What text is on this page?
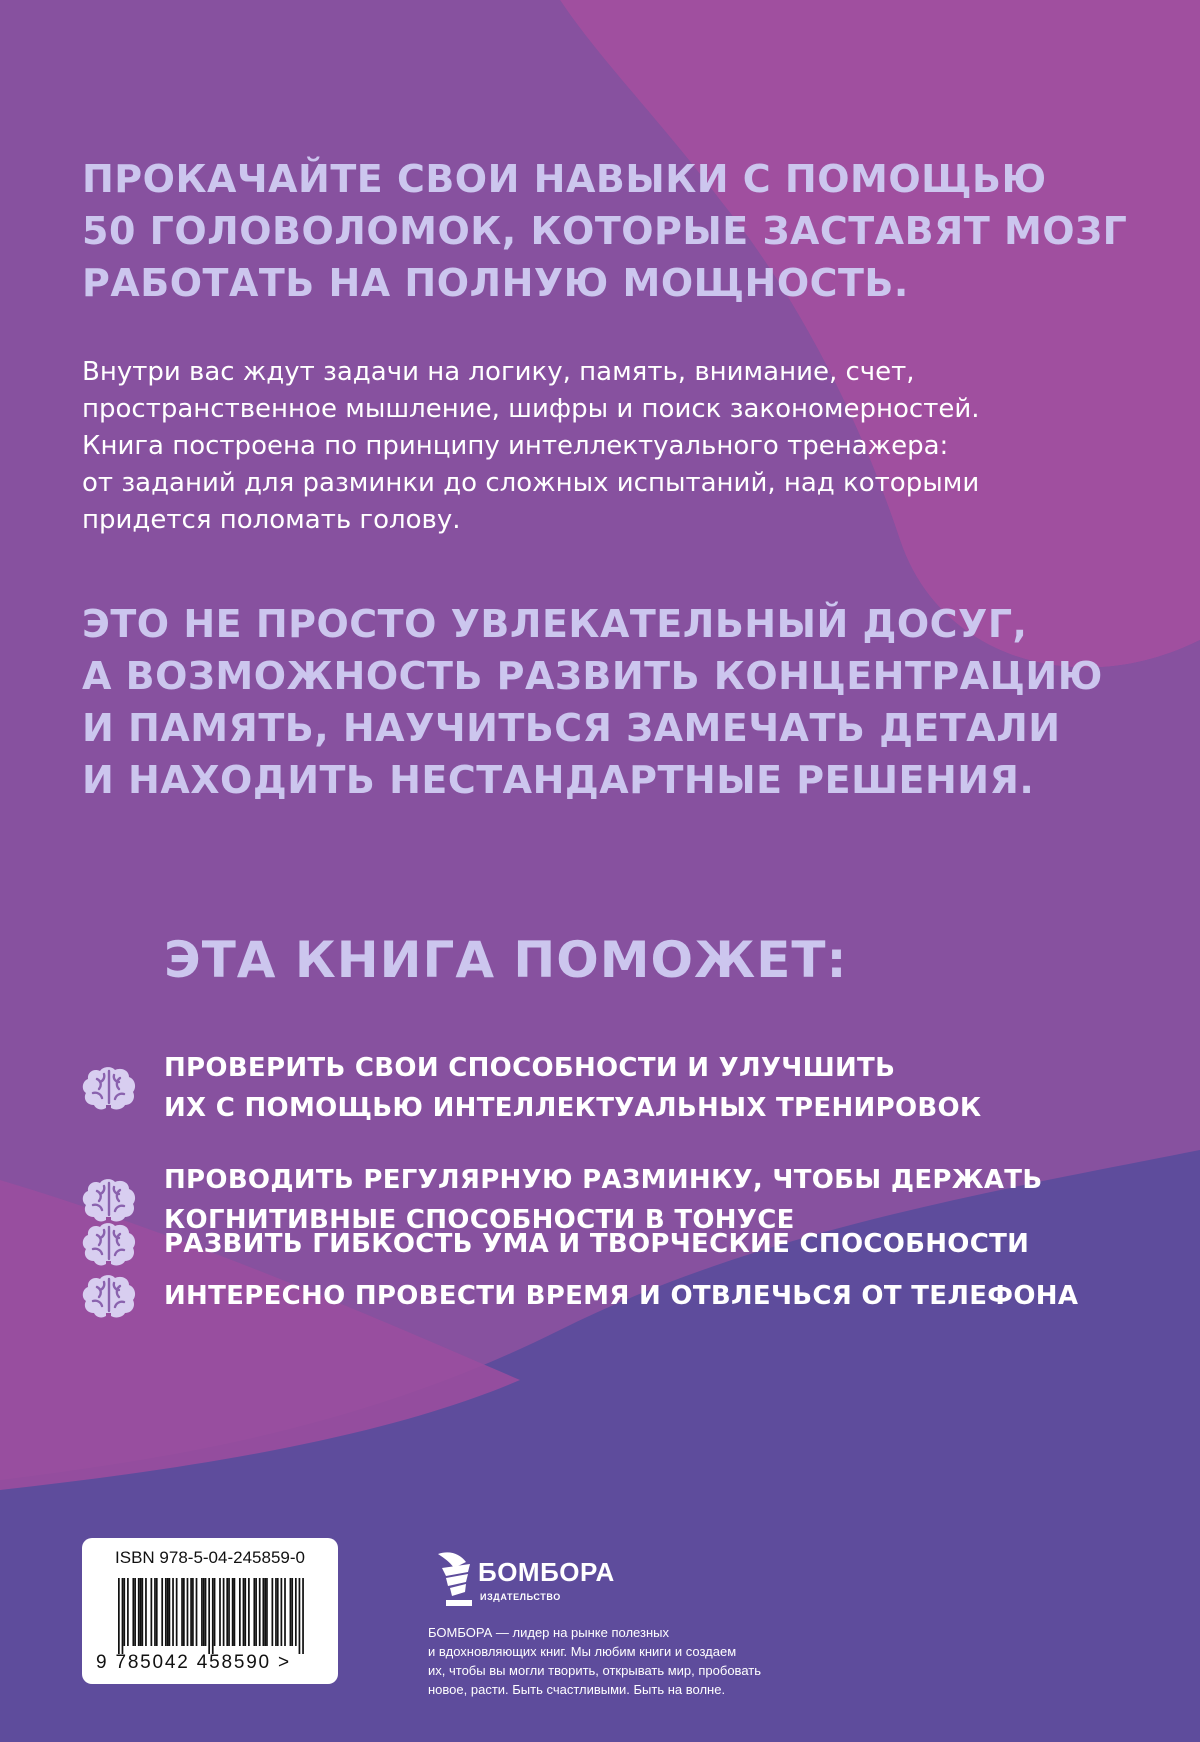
ПРОКАЧАЙТЕ СВОИ НАВЫКИ С ПОМОЩЬЮ
50 ГОЛОВОЛОМОК, КОТОРЫЕ ЗАСТАВЯТ МОЗГ
РАБОТАТЬ НА ПОЛНУЮ МОЩНОСТЬ.

Внутри вас ждут задачи на логику, память, внимание, счет,
пространственное мышление, шифры и поиск закономерностей.
Книга построена по принципу интеллектуального тренажера:
от заданий для разминки до сложных испытаний, над которыми
придется поломать голову.

ЭТО НЕ ПРОСТО УВЛЕКАТЕЛЬНЫЙ ДОСУГ,
А ВОЗМОЖНОСТЬ РАЗВИТЬ КОНЦЕНТРАЦИЮ
И ПАМЯТЬ, НАУЧИТЬСЯ ЗАМЕЧАТЬ ДЕТАЛИ
И НАХОДИТЬ НЕСТАНДАРТНЫЕ РЕШЕНИЯ.
ЭТА КНИГА ПОМОЖЕТ:

ПРОВЕРИТЬ СВОИ СПОСОБНОСТИ И УЛУЧШИТЬ
ИХ С ПОМОЩЬЮ ИНТЕЛЛЕКТУАЛЬНЫХ ТРЕНИРОВОК

ПРОВОДИТЬ РЕГУЛЯРНУЮ РАЗМИНКУ, ЧТОБЫ ДЕРЖАТЬ
КОГНИТИВНЫЕ СПОСОБНОСТИ В ТОНУСЕ

РАЗВИТЬ ГИБКОСТЬ УМА И ТВОРЧЕСКИЕ СПОСОБНОСТИ

ИНТЕРЕСНО ПРОВЕСТИ ВРЕМЯ И ОТВЛЕЧЬСЯ ОТ ТЕЛЕФОНА

ISBN 978-5-04-245859-0
9 785042 458590 >

БОМБОРА

ИЗДАТЕЛЬСТВО

БОМБОРА — лидер на рынке полезных
и вдохновляющих книг. Мы любим книги и создаем
их, чтобы вы могли творить, открывать мир, пробовать
новое, расти. Быть счастливыми. Быть на волне.
